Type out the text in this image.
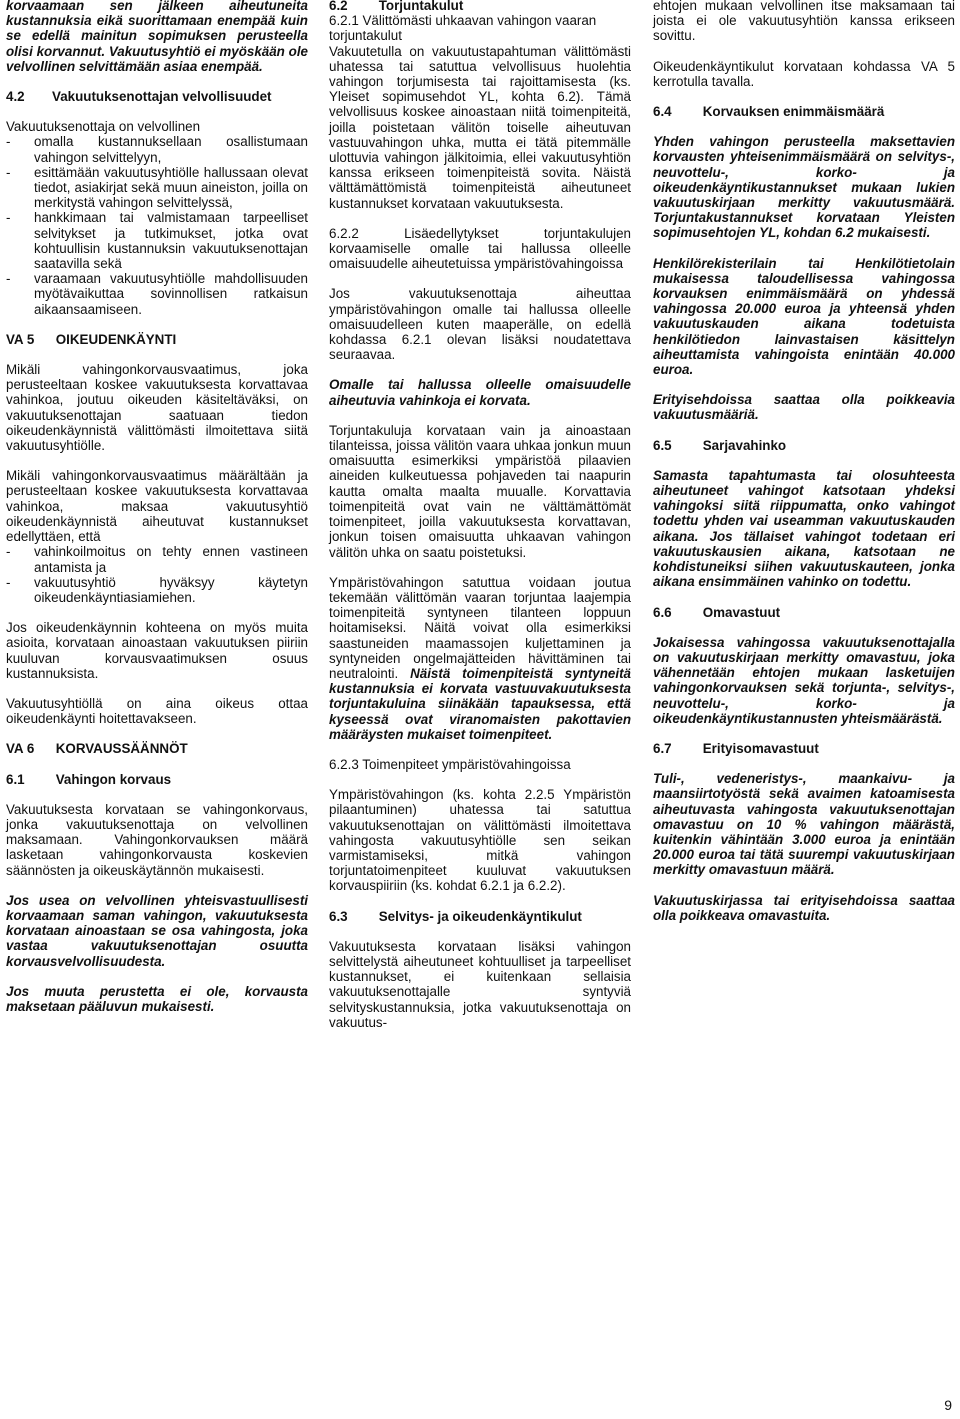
korvaamaan sen jälkeen aiheutuneita kustannuksia eikä suorittamaan enempää kuin se edellä mainitun sopimuksen perusteella olisi korvannut. Vakuutusyhtiö ei myöskään ole velvollinen selvittämään asiaa enempää.

4.2	Vakuutuksenottajan velvollisuudet
Vakuutuksenottaja on velvollinen
- omalla kustannuksellaan osallistumaan vahingon selvittelyyn,
- esittämään vakuutusyhtiölle hallussaan olevat tiedot, asiakirjat sekä muun aineiston, joilla on merkitystä vahingon selvittelyssä,
- hankkimaan tai valmistamaan tarpeelliset selvitykset ja tutkimukset, jotka ovat kohtuullisin kustannuksin vakuutuksenottajan saatavilla sekä
- varaamaan vakuutusyhtiölle mahdollisuuden myötävaikuttaa sovinnollisen ratkaisun aikaansaamiseen.
VA 5 OIKEUDENKÄYNTI

Mikäli vahingonkorvausvaatimus, joka perusteeltaan koskee vakuutuksesta korvattavaa vahinkoa, joutuu oikeuden käsiteltäväksi, on vakuutuksenottajan saatuaan tiedon oikeudenkäynnistä välittömästi ilmoitettava siitä vakuutusyhtiölle.

Mikäli vahingonkorvausvaatimus määrältään ja perusteeltaan koskee vakuutuksesta korvattavaa vahinkoa, maksaa vakuutusyhtiö oikeudenkäynnistä aiheutuvat kustannukset edellyttäen, että
- vahinkoilmoitus on tehty ennen vastineen antamista ja
- vakuutusyhtiö hyväksyy käytetyn oikeudenkäyntiasiamiehen.

Jos oikeudenkäynnin kohteena on myös muita asioita, korvataan ainoastaan vakuutuksen piiriin kuuluvan korvausvaatimuksen osuus kustannuksista.

Vakuutusyhtiöllä on aina oikeus ottaa oikeudenkäynti hoitettavakseen.

VA 6 KORVAUSSÄÄNNÖT
6.1 Vahingon korvaus

Vakuutuksesta korvataan se vahingonkorvaus, jonka vakuutuksenottaja on velvollinen maksamaan. Vahingonkorvauksen määrä lasketaan vahingonkorvausta koskevien säännösten ja oikeuskäytännön mukaisesti.

Jos usea on velvollinen yhteisvastuullisesti korvaamaan saman vahingon, vakuutuksesta korvataan ainoastaan se osa vahingosta, joka vastaa vakuutuksenottajan osuutta korvausvelvollisuudesta.

Jos muuta perustetta ei ole, korvausta maksetaan pääluvun mukaisesti.

6.2 Torjuntakulut
6.2.1 Välittömästi uhkaavan vahingon vaaran torjuntakulut

Vakuutetulla on vakuutustapahtuman välittömästi uhatessa tai satuttua velvollisuus huolehtia vahingon torjumisesta tai rajoittamisesta (ks. Yleiset sopimusehdot YL, kohta 6.2). Tämä velvollisuus koskee ainoastaan niitä toimenpiteitä, joilla poistetaan välitön toiselle aiheutuvan vastuuvahingon uhka, mutta ei tätä pitemmälle ulottuvia vahingon jälkitoimia, ellei vakuutusyhtiön kanssa erikseen toimenpiteistä sovita. Näistä välttämättömistä toimenpiteistä aiheutuneet kustannukset korvataan vakuutuksesta.

6.2.2 Lisäedellytykset torjuntakulujen korvaamiselle omalle tai hallussa olleelle omaisuudelle aiheutetuissa ympäristövahingoissa

Jos vakuutuksenottaja aiheuttaa ympäristövahingon omalle tai hallussa olleelle omaisuudelleen kuten maaperälle, on edellä kohdassa 6.2.1 olevan lisäksi noudatettava seuraavaa.

Omalle tai hallussa olleelle omaisuudelle aiheutuvia vahinkoja ei korvata.

Torjuntakuluja korvataan vain ja ainoastaan tilanteissa, joissa välitön vaara uhkaa jonkun muun omaisuutta esimerkiksi ympäristöä pilaavien aineiden kulkeutuessa pohjaveden tai naapurin kautta omalta maalta muualle. Korvattavia toimenpiteitä ovat vain ne välttämättömät toimenpiteet, joilla vakuutuksesta korvattavan, jonkun toisen omaisuutta uhkaavan vahingon välitön uhka on saatu poistetuksi.

Ympäristövahingon satuttua voidaan joutua tekemään välittömän vaaran torjuntaa laajempia toimenpiteitä syntyneen tilanteen loppuun hoitamiseksi. Näitä voivat olla esimerkiksi saastuneiden maamassojen kuljettaminen ja syntyneiden ongelmajätteiden hävittäminen tai neutralointi. Näistä toimenpiteistä syntyneitä kustannuksia ei korvata vastuuvakuutuksesta torjuntakuluina siinäkään tapauksessa, että kyseessä ovat viranomaisten pakottavien määräysten mukaiset toimenpiteet.

6.2.3 Toimenpiteet ympäristövahingoissa

Ympäristövahingon (ks. kohta 2.2.5 Ympäristön pilaantuminen) uhatessa tai satuttua vakuutuksenottajan on välittömästi ilmoitettava vahingosta vakuutusyhtiölle sen seikan varmistamiseksi, mitkä vahingon torjuntatoimenpiteet kuuluvat vakuutuksen korvauspiiriin (ks. kohdat 6.2.1 ja 6.2.2).

6.3 Selvitys- ja oikeudenkäyntikulut

Vakuutuksesta korvataan lisäksi vahingon selvittelystä aiheutuneet kohtuulliset ja tarpeelliset kustannukset, ei kuitenkaan sellaisia vakuutuksenottajalle syntyviä selvityskustannuksia, jotka vakuutuksenottaja on vakuutus-

ehtojen mukaan velvollinen itse maksamaan tai joista ei ole vakuutusyhtiön kanssa erikseen sovittu.

Oikeudenkäyntikulut korvataan kohdassa VA 5 kerrotulla tavalla.

6.4 Korvauksen enimmäismäärä

Yhden vahingon perusteella maksettavien korvausten yhteisenimmäismäärä on selvitys-, neuvottelu-, korko- ja oikeudenkäyntikustannukset mukaan lukien vakuutuskirjaan merkitty vakuutusmäärä. Torjuntakustannukset korvataan Yleisten sopimusehtojen YL, kohdan 6.2 mukaisesti.

Henkilörekisterilain tai Henkilötietolain mukaisessa taloudellisessa vahingossa korvauksen enimmäismäärä on yhdessä vahingossa 20.000 euroa ja yhteensä yhden vakuutuskauden aikana todetuista henkilötiedon lainvastaisen käsittelyn aiheuttamista vahingoista enintään 40.000 euroa.

Erityisehdoissa saattaa olla poikkeavia vakuutusmääriä.

6.5 Sarjavahinko

Samasta tapahtumasta tai olosuhteesta aiheutuneet vahingot katsotaan yhdeksi vahingoksi siitä riippumatta, onko vahingot todettu yhden vai useamman vakuutuskauden aikana. Jos tällaiset vahingot todetaan eri vakuutuskausien aikana, katsotaan ne kohdistuneiksi siihen vakuutuskauteen, jonka aikana ensimmäinen vahinko on todettu.

6.6 Omavastuut

Jokaisessa vahingossa vakuutuksenottajalla on vakuutuskirjaan merkitty omavastuu, joka vähennetään ehtojen mukaan lasketuijen vahingonkorvauksen sekä torjunta-, selvitys-, neuvottelu-, korko- ja oikeudenkäyntikustannusten yhteismäärästä.

6.7 Erityisomavastuut

Tuli-, vedeneristys-, maankaivu- ja maansiirtotyöstä sekä avaimen katoamisesta aiheutuvasta vahingosta vakuutuksenottajan omavastuu on 10 % vahingon määrästä, kuitenkin vähintään 3.000 euroa ja enintään 20.000 euroa tai tätä suurempi vakuutuskirjaan merkitty omavastuun määrä.

Vakuutuskirjassa tai erityisehdoissa saattaa olla poikkeava omavastuita.

9
